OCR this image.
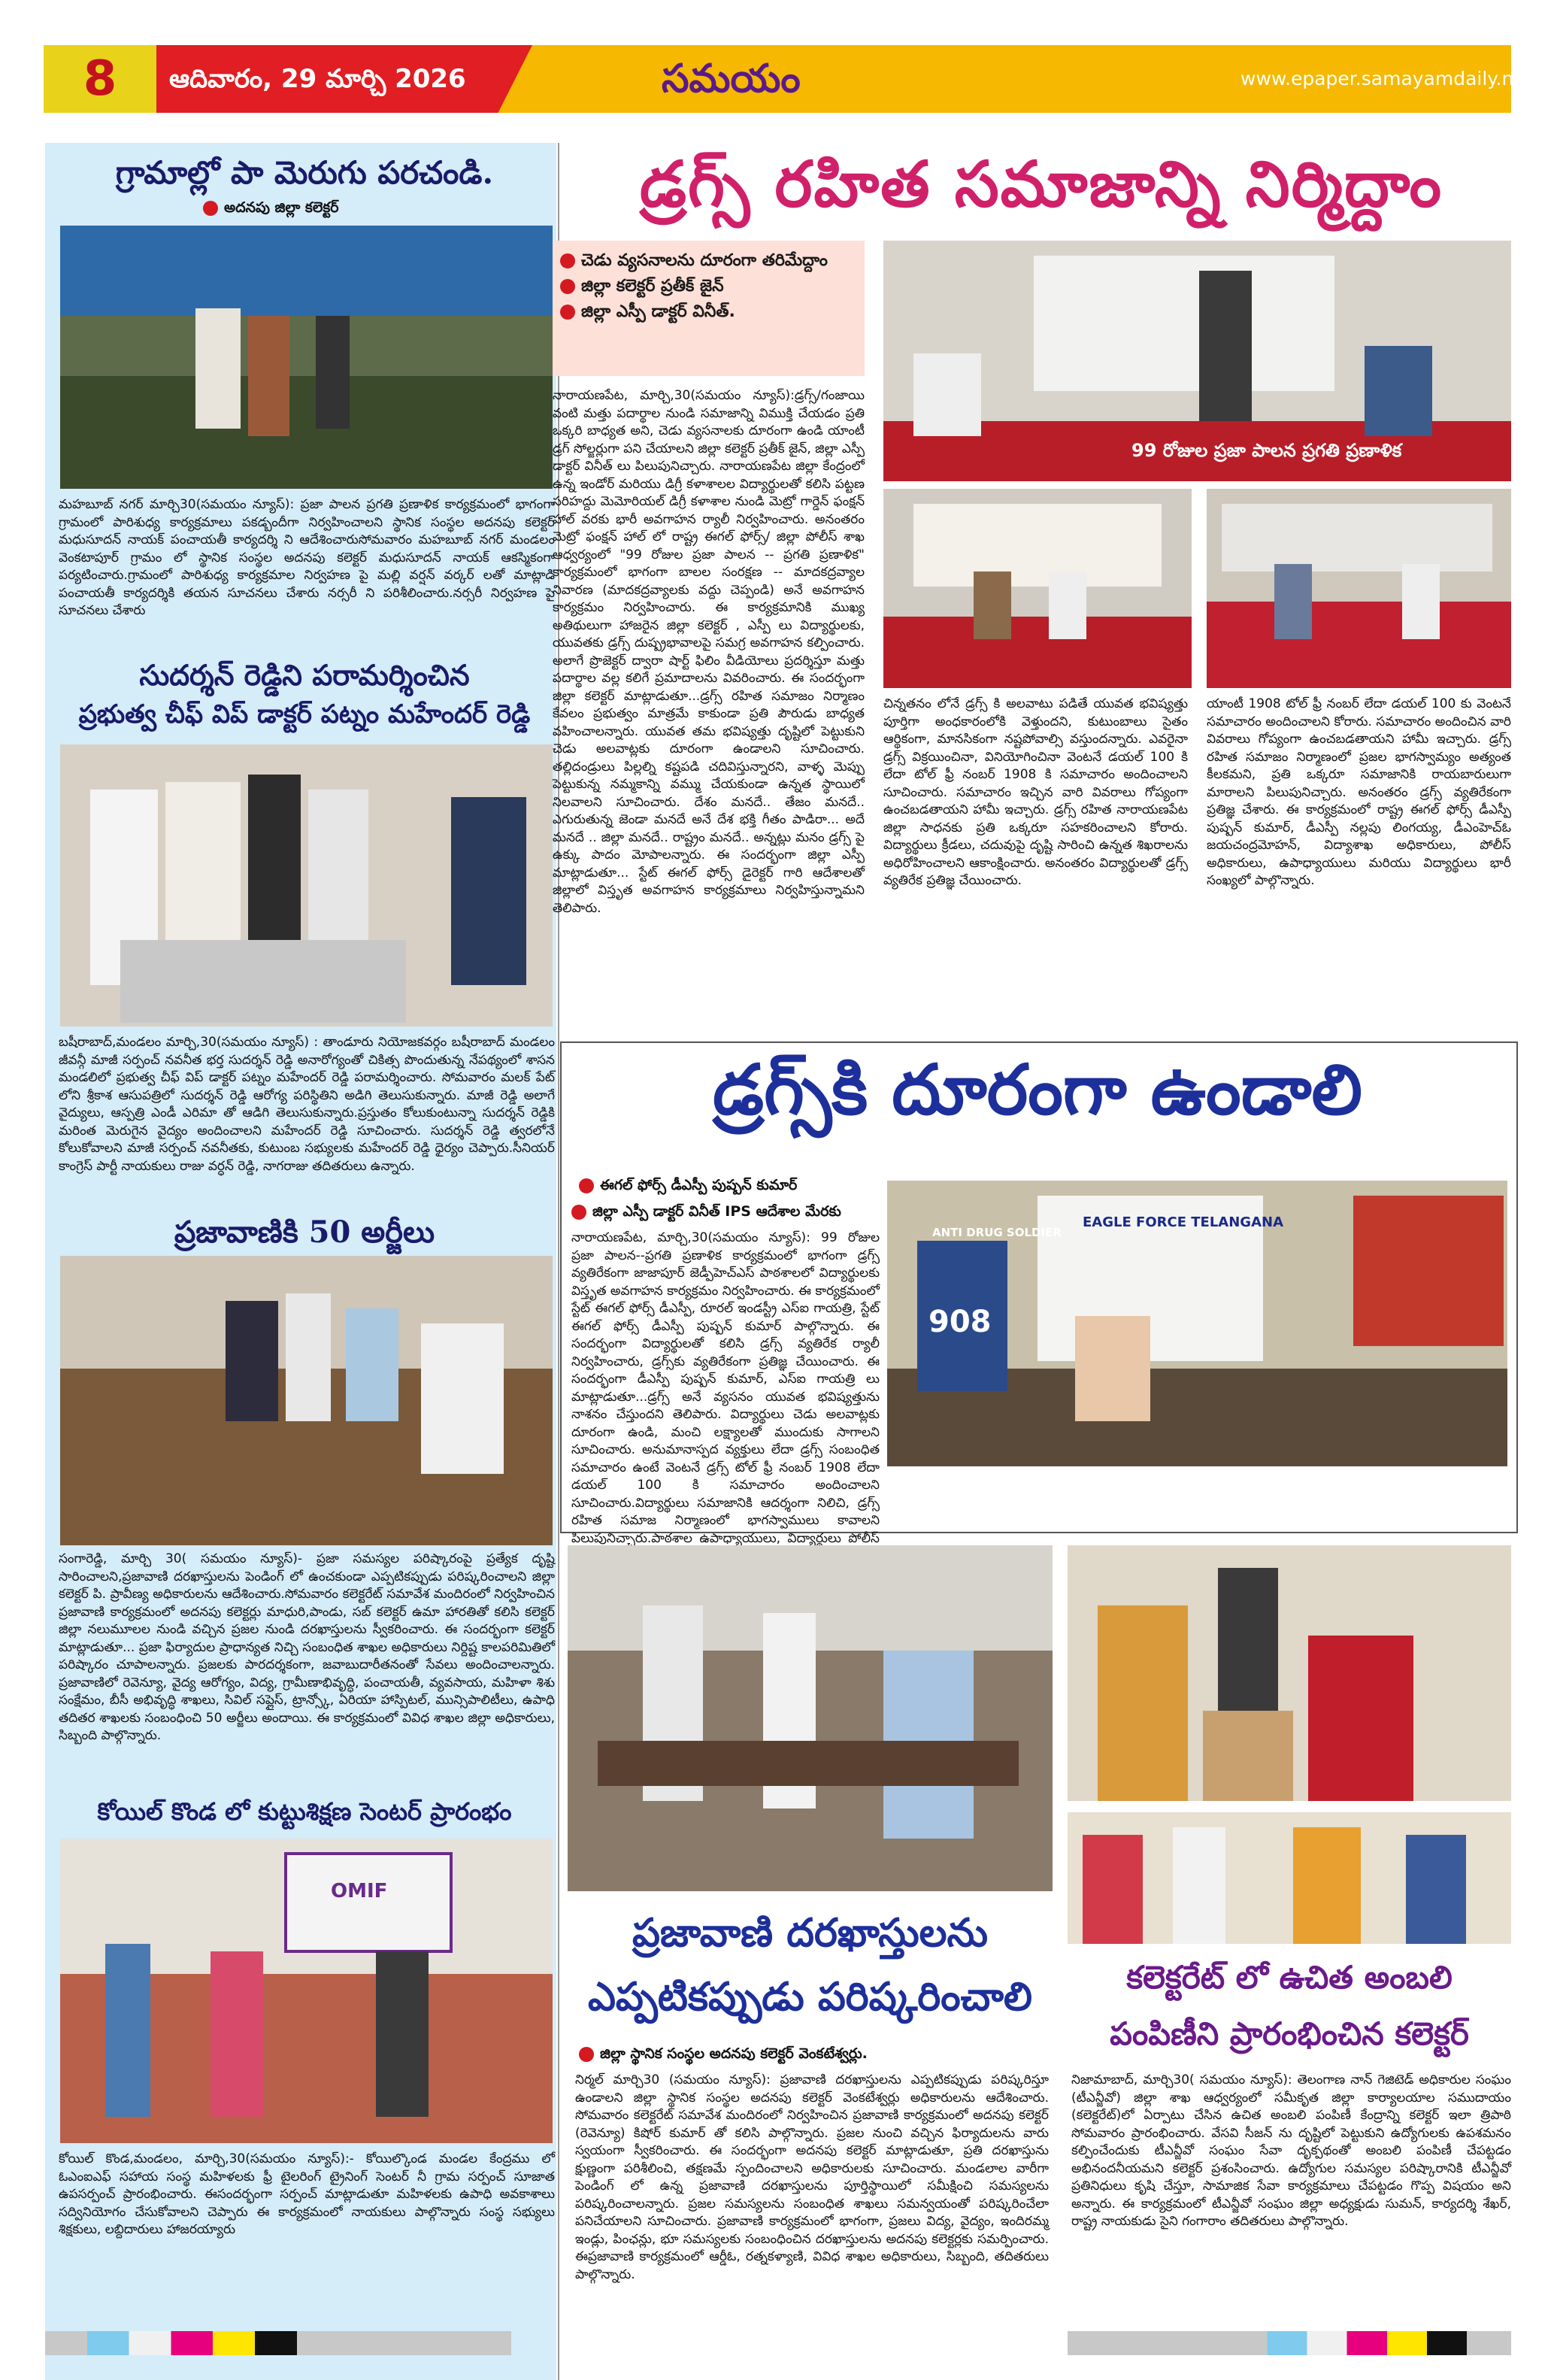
8	ఆదివారం, 29 మార్చి 2026	సమయం	www.epaper.samayamdaily.net
గ్రామాల్లో పా మెరుగు పరచండి.
అదనపు జిల్లా కలెక్టర్
మహబూబ్ నగర్ మార్చి30(సమయం న్యూస్): ప్రజా పాలన ప్రగతి ప్రణాళిక కార్యక్రమంలో భాగంగా గ్రామంలో పారిశుధ్య కార్యక్రమాలు పకడ్బందీగా నిర్వహించాలని స్థానిక సంస్థల అదనపు కలెక్టర్ మధుసూదన్ నాయక్ పంచాయతీ కార్యదర్శి ని ఆదేశించారుసోమవారం మహబూబ్ నగర్ మండలం వెంకటాపూర్ గ్రామం లో స్థానిక సంస్థల అదనపు కలెక్టర్ మధుసూదన్ నాయక్ ఆకస్మికంగా పర్యటించారు.గ్రామంలో పారిశుధ్య కార్యక్రమాల నిర్వహణ పై మల్లి వర్షన్ వర్కర్ లతో మాట్లాడి పంచాయతీ కార్యదర్శికి తయన సూచనలు చేశారు నర్సరీ ని పరిశీలించారు.నర్సరీ నిర్వహణ పై సూచనలు చేశారు
సుదర్శన్ రెడ్డిని పరామర్శించిన
ప్రభుత్వ చీఫ్ విప్ డాక్టర్ పట్నం మహేందర్ రెడ్డి
బషీరాబాద్,మండలం మార్చి,30(సమయం న్యూస్) : తాండూరు నియోజకవర్గం బషీరాబాద్ మండలం జీవన్గీ మాజీ సర్పంచ్ నవనీత భర్త సుదర్శన్ రెడ్డి అనారోగ్యంతో చికిత్స పొందుతున్న నేపథ్యంలో శాసన మండలిలో ప్రభుత్వ చీఫ్ విప్ డాక్టర్ పట్నం మహేందర్ రెడ్డి పరామర్శించారు. సోమవారం మలక్ పేట్ లోని శ్రీకాశ ఆసుపత్రిలో సుదర్శన్ రెడ్డి ఆరోగ్య పరిస్థితిని అడిగి తెలుసుకున్నారు. మాజీ రెడ్డి అలాగే వైద్యులు, ఆస్పత్రి ఎండీ ఎరిమా తో ఆడిగి తెలుసుకున్నారు.ప్రస్తుతం కోలుకుంటున్నా సుదర్శన్ రెడ్డికి మరింత మెరుగైన వైద్యం అందించాలని మహేందర్ రెడ్డి సూచించారు. సుదర్శన్ రెడ్డి త్వరలోనే కోలుకోవాలని మాజీ సర్పంచ్ నవనీతకు, కుటుంబ సభ్యులకు మహేందర్ రెడ్డి ధైర్యం చెప్పారు.సీనియర్ కాంగ్రెస్ పార్టీ నాయకులు రాజు వర్ధన్ రెడ్డి, నాగరాజు తదితరులు ఉన్నారు.
ప్రజావాణికి 50 అర్జీలు
సంగారెడ్డి, మార్చి 30( సమయం న్యూస్)- ప్రజా సమస్యల పరిష్కారంపై ప్రత్యేక దృష్టి సారించాలని,ప్రజావాణి దరఖాస్తులను పెండింగ్ లో ఉంచకుండా ఎప్పటికప్పుడు పరిష్కరించాలని జిల్లా కలెక్టర్ పి. ప్రావీణ్య అధికారులను ఆదేశించారు.సోమవారం కలెక్టరేట్ సమావేశ మందిరంలో నిర్వహించిన ప్రజావాణి కార్యక్రమంలో అదనపు కలెక్టర్లు మాధురి,పాండు, సబ్ కలెక్టర్ ఉమా హారతితో కలిసి కలెక్టర్ జిల్లా నలుమూలల నుండి వచ్చిన ప్రజల నుండి దరఖాస్తులను స్వీకరించారు. ఈ సందర్భంగా కలెక్టర్ మాట్లాడుతూ... ప్రజా ఫిర్యాదుల ప్రాధాన్యత నిచ్చి సంబంధిత శాఖల అధికారులు నిర్దిష్ట కాలపరిమితిలో పరిష్కారం చూపాలన్నారు. ప్రజలకు పారదర్శకంగా, జవాబుదారీతనంతో సేవలు అందించాలన్నారు. ప్రజావాణిలో రెవెన్యూ, వైద్య ఆరోగ్యం, విద్య, గ్రామీణాభివృద్ధి, పంచాయతీ, వ్యవసాయ, మహిళా శిశు సంక్షేమం, బీసీ అభివృద్ధి శాఖలు, సివిల్ సప్లైస్, ట్రాన్స్కో, ఏరియా హాస్పిటల్, మున్సిపాలిటీలు, ఉపాధి తదితర శాఖలకు సంబంధించి 50 అర్జీలు అందాయి. ఈ కార్యక్రమంలో వివిధ శాఖల జిల్లా అధికారులు, సిబ్బంది పాల్గొన్నారు.
కోయిల్ కొండ లో కుట్టుశిక్షణ సెంటర్ ప్రారంభం
OMIF
కోయిల్ కొండ,మండలం, మార్చి,30(సమయం న్యూస్):- కోయిల్కొండ మండల కేంద్రము లో ఓఎంఐఎఫ్ సహాయ సంస్థ మహిళలకు ఫ్రీ టైలరింగ్ ట్రైనింగ్ సెంటర్ నీ గ్రామ సర్పంచ్ సూజాత ఉపసర్పంచ్ ప్రారంభించారు. ఈసందర్భంగా సర్పంచ్ మాట్లాడుతూ మహిళలకు ఉపాధి అవకాశాలు సద్వినియోగం చేసుకోవాలని చెప్పారు ఈ కార్యక్రమంలో నాయకులు పాల్గొన్నారు సంస్థ సభ్యులు శిక్షకులు, లబ్దిదారులు హాజరయ్యారు
డ్రగ్స్ రహిత సమాజాన్ని నిర్మిద్దాం
చెడు వ్యసనాలను దూరంగా తరిమేద్దాం
జిల్లా కలెక్టర్ ప్రతీక్ జైన్
జిల్లా ఎస్పీ డాక్టర్ వినీత్.
నారాయణపేట, మార్చి,30(సమయం న్యూస్):డ్రగ్స్/గంజాయి వంటి మత్తు పదార్థాల నుండి సమాజాన్ని విముక్తి చేయడం ప్రతి ఒక్కరి బాధ్యత అని, చెడు వ్యసనాలకు దూరంగా ఉండి యాంటీ డ్రగ్ సోల్జర్లుగా పని చేయాలని జిల్లా కలెక్టర్ ప్రతీక్ జైన్, జిల్లా ఎస్పీ డాక్టర్ వినీత్ లు పిలుపునిచ్చారు. నారాయణపేట జిల్లా కేంద్రంలో ఉన్న ఇండోర్ మరియు డిగ్రీ కళాశాలల విద్యార్థులతో కలిసి పట్టణ సరిహద్దు మెమోరియల్ డిగ్రీ కళాశాల నుండి మెట్రో గార్డెన్ ఫంక్షన్ హాల్ వరకు భారీ అవగాహన ర్యాలీ నిర్వహించారు. అనంతరం మెట్రో ఫంక్షన్ హాల్ లో రాష్ట్ర ఈగల్ ఫోర్స్/ జిల్లా పోలీస్ శాఖ ఆధ్వర్యంలో "99 రోజుల ప్రజా పాలన -- ప్రగతి ప్రణాళిక" కార్యక్రమంలో భాగంగా బాలల సంరక్షణ -- మాదకద్రవ్యాల నివారణ (మాదకద్రవ్యాలకు వద్దు చెప్పండి) అనే అవగాహన కార్యక్రమం నిర్వహించారు. ఈ కార్యక్రమానికి ముఖ్య అతిథులుగా హాజరైన జిల్లా కలెక్టర్ , ఎస్పీ లు విద్యార్థులకు, యువతకు డ్రగ్స్ దుష్ప్రభావాలపై సమగ్ర అవగాహన కల్పించారు. అలాగే ప్రొజెక్టర్ ద్వారా షార్ట్ ఫిలిం వీడియోలు ప్రదర్శిస్తూ మత్తు పదార్థాల వల్ల కలిగే ప్రమాదాలను వివరించారు. ఈ సందర్భంగా జిల్లా కలెక్టర్ మాట్లాడుతూ...డ్రగ్స్ రహిత సమాజం నిర్మాణం కేవలం ప్రభుత్వం మాత్రమే కాకుండా ప్రతి పౌరుడు బాధ్యత వహించాలన్నారు. యువత తమ భవిష్యత్తు దృష్టిలో పెట్టుకుని చెడు అలవాట్లకు దూరంగా ఉండాలని సూచించారు. తల్లిదండ్రులు పిల్లల్ని కష్టపడి చదివిస్తున్నారని, వాళ్ళ మెప్పు పెట్టుకున్న నమ్మకాన్ని వమ్ము చేయకుండా ఉన్నత స్థాయిలో నిలవాలని సూచించారు. దేశం మనదే.. తేజం మనదే.. ఎగురుతున్న జెండా మనదే అనే దేశ భక్తి గీతం పాడిరా... అదే మనదే .. జిల్లా మనదే.. రాష్ట్రం మనదే.. అన్నట్లు మనం డ్రగ్స్ పై ఉక్కు పాదం మోపాలన్నారు. ఈ సందర్భంగా జిల్లా ఎస్పీ మాట్లాడుతూ... స్టేట్ ఈగల్ ఫోర్స్ డైరెక్టర్ గారి ఆదేశాలతో జిల్లాలో విస్తృత అవగాహన కార్యక్రమాలు నిర్వహిస్తున్నామని తెలిపారు.
99 రోజుల ప్రజా పాలన ప్రగతి ప్రణాళిక
చిన్నతనం లోనే డ్రగ్స్ కి అలవాటు పడితే యువత భవిష్యత్తు పూర్తిగా అంధకారంలోకి వెళ్తుందని, కుటుంబాలు సైతం ఆర్థికంగా, మానసికంగా నష్టపోవాల్సి వస్తుందన్నారు. ఎవరైనా డ్రగ్స్ విక్రయించినా, వినియోగించినా వెంటనే డయల్ 100 కి లేదా టోల్ ఫ్రీ నంబర్ 1908 కి సమాచారం అందించాలని సూచించారు. సమాచారం ఇచ్చిన వారి వివరాలు గోప్యంగా ఉంచబడతాయని హామీ ఇచ్చారు. డ్రగ్స్ రహిత నారాయణపేట జిల్లా సాధనకు ప్రతి ఒక్కరూ సహకరించాలని కోరారు. విద్యార్థులు క్రీడలు, చదువుపై దృష్టి సారించి ఉన్నత శిఖరాలను అధిరోహించాలని ఆకాంక్షించారు. అనంతరం విద్యార్థులతో డ్రగ్స్ వ్యతిరేక ప్రతిజ్ఞ చేయించారు.
యాంటీ 1908 టోల్ ఫ్రీ నంబర్ లేదా డయల్ 100 కు వెంటనే సమాచారం అందించాలని కోరారు. సమాచారం అందించిన వారి వివరాలు గోప్యంగా ఉంచబడతాయని హామీ ఇచ్చారు. డ్రగ్స్ రహిత సమాజం నిర్మాణంలో ప్రజల భాగస్వామ్యం అత్యంత కీలకమని, ప్రతి ఒక్కరూ సమాజానికి రాయబారులుగా మారాలని పిలుపునిచ్చారు. అనంతరం డ్రగ్స్ వ్యతిరేకంగా ప్రతిజ్ఞ చేశారు. ఈ కార్యక్రమంలో రాష్ట్ర ఈగల్ ఫోర్స్ డీఎస్పీ పుష్పన్ కుమార్, డీఎస్పీ నల్లపు లింగయ్య, డీఎంహెచ్ఓ జయచంద్రమోహన్, విద్యాశాఖ అధికారులు, పోలీస్ అధికారులు, ఉపాధ్యాయులు మరియు విద్యార్థులు భారీ సంఖ్యలో పాల్గొన్నారు.
డ్రగ్స్‌కి దూరంగా ఉండాలి
ఈగల్ ఫోర్స్ డీఎస్పీ పుష్పన్ కుమార్
జిల్లా ఎస్పీ డాక్టర్ వినీత్ IPS ఆదేశాల మేరకు
నారాయణపేట, మార్చి,30(సమయం న్యూస్): 99 రోజుల ప్రజా పాలన--ప్రగతి ప్రణాళిక కార్యక్రమంలో భాగంగా డ్రగ్స్ వ్యతిరేకంగా జాజాపూర్ జెడ్పీహెచ్ఎస్ పాఠశాలలో విద్యార్థులకు విస్తృత అవగాహన కార్యక్రమం నిర్వహించారు. ఈ కార్యక్రమంలో స్టేట్ ఈగల్ ఫోర్స్ డీఎస్పీ, రూరల్ ఇండస్ట్రీ ఎస్ఐ గాయత్రి, స్టేట్ ఈగల్ ఫోర్స్ డీఎస్పీ పుష్పన్ కుమార్ పాల్గొన్నారు. ఈ సందర్భంగా విద్యార్థులతో కలిసి డ్రగ్స్ వ్యతిరేక ర్యాలీ నిర్వహించారు, డ్రగ్స్‌కు వ్యతిరేకంగా ప్రతిజ్ఞ చేయించారు. ఈ సందర్భంగా డీఎస్పీ పుష్పన్ కుమార్, ఎస్ఐ గాయత్రి లు మాట్లాడుతూ...డ్రగ్స్ అనే వ్యసనం యువత భవిష్యత్తును నాశనం చేస్తుందని తెలిపారు. విద్యార్థులు చెడు అలవాట్లకు దూరంగా ఉండి, మంచి లక్ష్యాలతో ముందుకు సాగాలని సూచించారు. అనుమానాస్పద వ్యక్తులు లేదా డ్రగ్స్ సంబంధిత సమాచారం ఉంటే వెంటనే డ్రగ్స్ టోల్ ఫ్రీ నంబర్ 1908 లేదా డయల్ 100 కి సమాచారం అందించాలని సూచించారు.విద్యార్థులు సమాజానికి ఆదర్శంగా నిలిచి, డ్రగ్స్ రహిత సమాజ నిర్మాణంలో భాగస్వాములు కావాలని పిలుపునిచ్చారు.పాఠశాల ఉపాధ్యాయులు, విద్యార్థులు పోలీస్
EAGLE FORCE TELANGANA
ANTI DRUG SOLDIER
908
ప్రజావాణి దరఖాస్తులను
ఎప్పటికప్పుడు పరిష్కరించాలి
జిల్లా స్థానిక సంస్థల అదనపు కలెక్టర్ వెంకటేశ్వర్లు.
నిర్మల్ మార్చి30 (సమయం న్యూస్): ప్రజావాణి దరఖాస్తులను ఎప్పటికప్పుడు పరిష్కరిస్తూ ఉండాలని జిల్లా స్థానిక సంస్థల అదనపు కలెక్టర్ వెంకటేశ్వర్లు అధికారులను ఆదేశించారు. సోమవారం కలెక్టరేట్ సమావేశ మందిరంలో నిర్వహించిన ప్రజావాణి కార్యక్రమంలో అదనపు కలెక్టర్ (రెవెన్యూ) కిషోర్ కుమార్ తో కలిసి పాల్గొన్నారు. ప్రజల నుంచి వచ్చిన ఫిర్యాదులను వారు స్వయంగా స్వీకరించారు. ఈ సందర్భంగా అదనపు కలెక్టర్ మాట్లాడుతూ, ప్రతి దరఖాస్తును క్షుణ్ణంగా పరిశీలించి, తక్షణమే స్పందించాలని అధికారులకు సూచించారు. మండలాల వారీగా పెండింగ్ లో ఉన్న ప్రజావాణి దరఖాస్తులను పూర్తిస్థాయిలో సమీక్షించి సమస్యలను పరిష్కరించాలన్నారు. ప్రజల సమస్యలను సంబంధిత శాఖలు సమన్వయంతో పరిష్కరించేలా పనిచేయాలని సూచించారు. ప్రజావాణి కార్యక్రమంలో భాగంగా, ప్రజలు విద్య, వైద్యం, ఇందిరమ్మ ఇండ్లు, పింఛన్లు, భూ సమస్యలకు సంబంధించిన దరఖాస్తులను అదనపు కలెక్టర్లకు సమర్పించారు. ఈప్రజావాణి కార్యక్రమంలో ఆర్డీఓ, రత్నకళ్యాణి, వివిధ శాఖల అధికారులు, సిబ్బంది, తదితరులు పాల్గొన్నారు.
కలెక్టరేట్ లో ఉచిత అంబలి
పంపిణీని ప్రారంభించిన కలెక్టర్
నిజామాబాద్, మార్చి30( సమయం న్యూస్): తెలంగాణ నాన్ గెజిటెడ్ అధికారుల సంఘం (టీఎన్జీవో) జిల్లా శాఖ ఆధ్వర్యంలో సమీకృత జిల్లా కార్యాలయాల సముదాయం (కలెక్టరేట్)లో ఏర్పాటు చేసిన ఉచిత అంబలి పంపిణీ కేంద్రాన్ని కలెక్టర్ ఇలా త్రిపాఠి సోమవారం ప్రారంభించారు. వేసవి సీజన్ ను దృష్టిలో పెట్టుకుని ఉద్యోగులకు ఉపశమనం కల్పించేందుకు టీఎన్జీవో సంఘం సేవా దృక్పథంతో అంబలి పంపిణీ చేపట్టడం అభినందనీయమని కలెక్టర్ ప్రశంసించారు. ఉద్యోగుల సమస్యల పరిష్కారానికి టీఎన్జీవో ప్రతినిధులు కృషి చేస్తూ, సామాజిక సేవా కార్యక్రమాలు చేపట్టడం గొప్ప విషయం అని అన్నారు. ఈ కార్యక్రమంలో టీఎన్జీవో సంఘం జిల్లా అధ్యక్షుడు సుమన్, కార్యదర్శి శేఖర్, రాష్ట్ర నాయకుడు సైని గంగారాం తదితరులు పాల్గొన్నారు.
